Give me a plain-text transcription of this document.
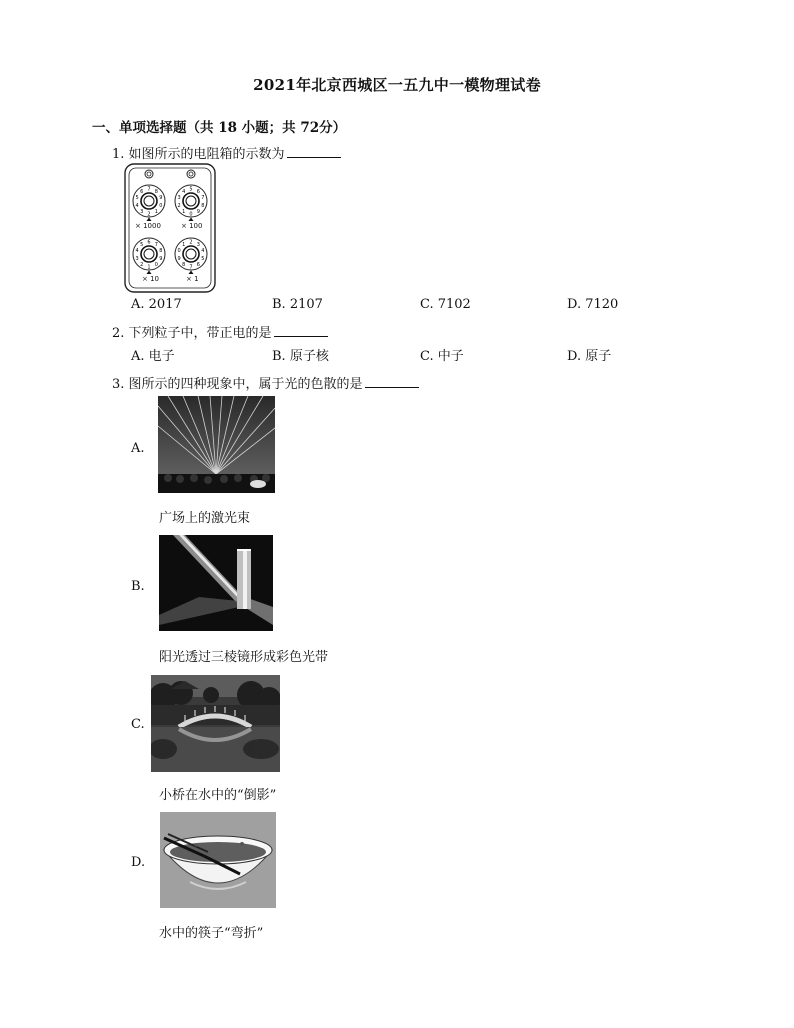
2021年北京西城区一五九中一模物理试卷
一、单项选择题（共 18 小题；共 72分）
1. 如图所示的电阻箱的示数为
0
1
2
3
4
5
6 7 8
9
0
1
2
3
4 5 6
7
8
9
0
1
2
3
4
5 6 7
8
9
0
1 2 3
4
5
6
7
8
9
× 1000	× 100
× 10	× 1
A. 2017	B. 2107	C. 7102	D. 7120
2. 下列粒子中，带正电的是
A. 电子	B. 原子核	C. 中子	D. 原子
3. 图所示的四种现象中，属于光的色散的是
A.
广场上的激光束
B.
阳光透过三棱镜形成彩色光带
C.
小桥在水中的“倒影”
D.
水中的筷子“弯折”
